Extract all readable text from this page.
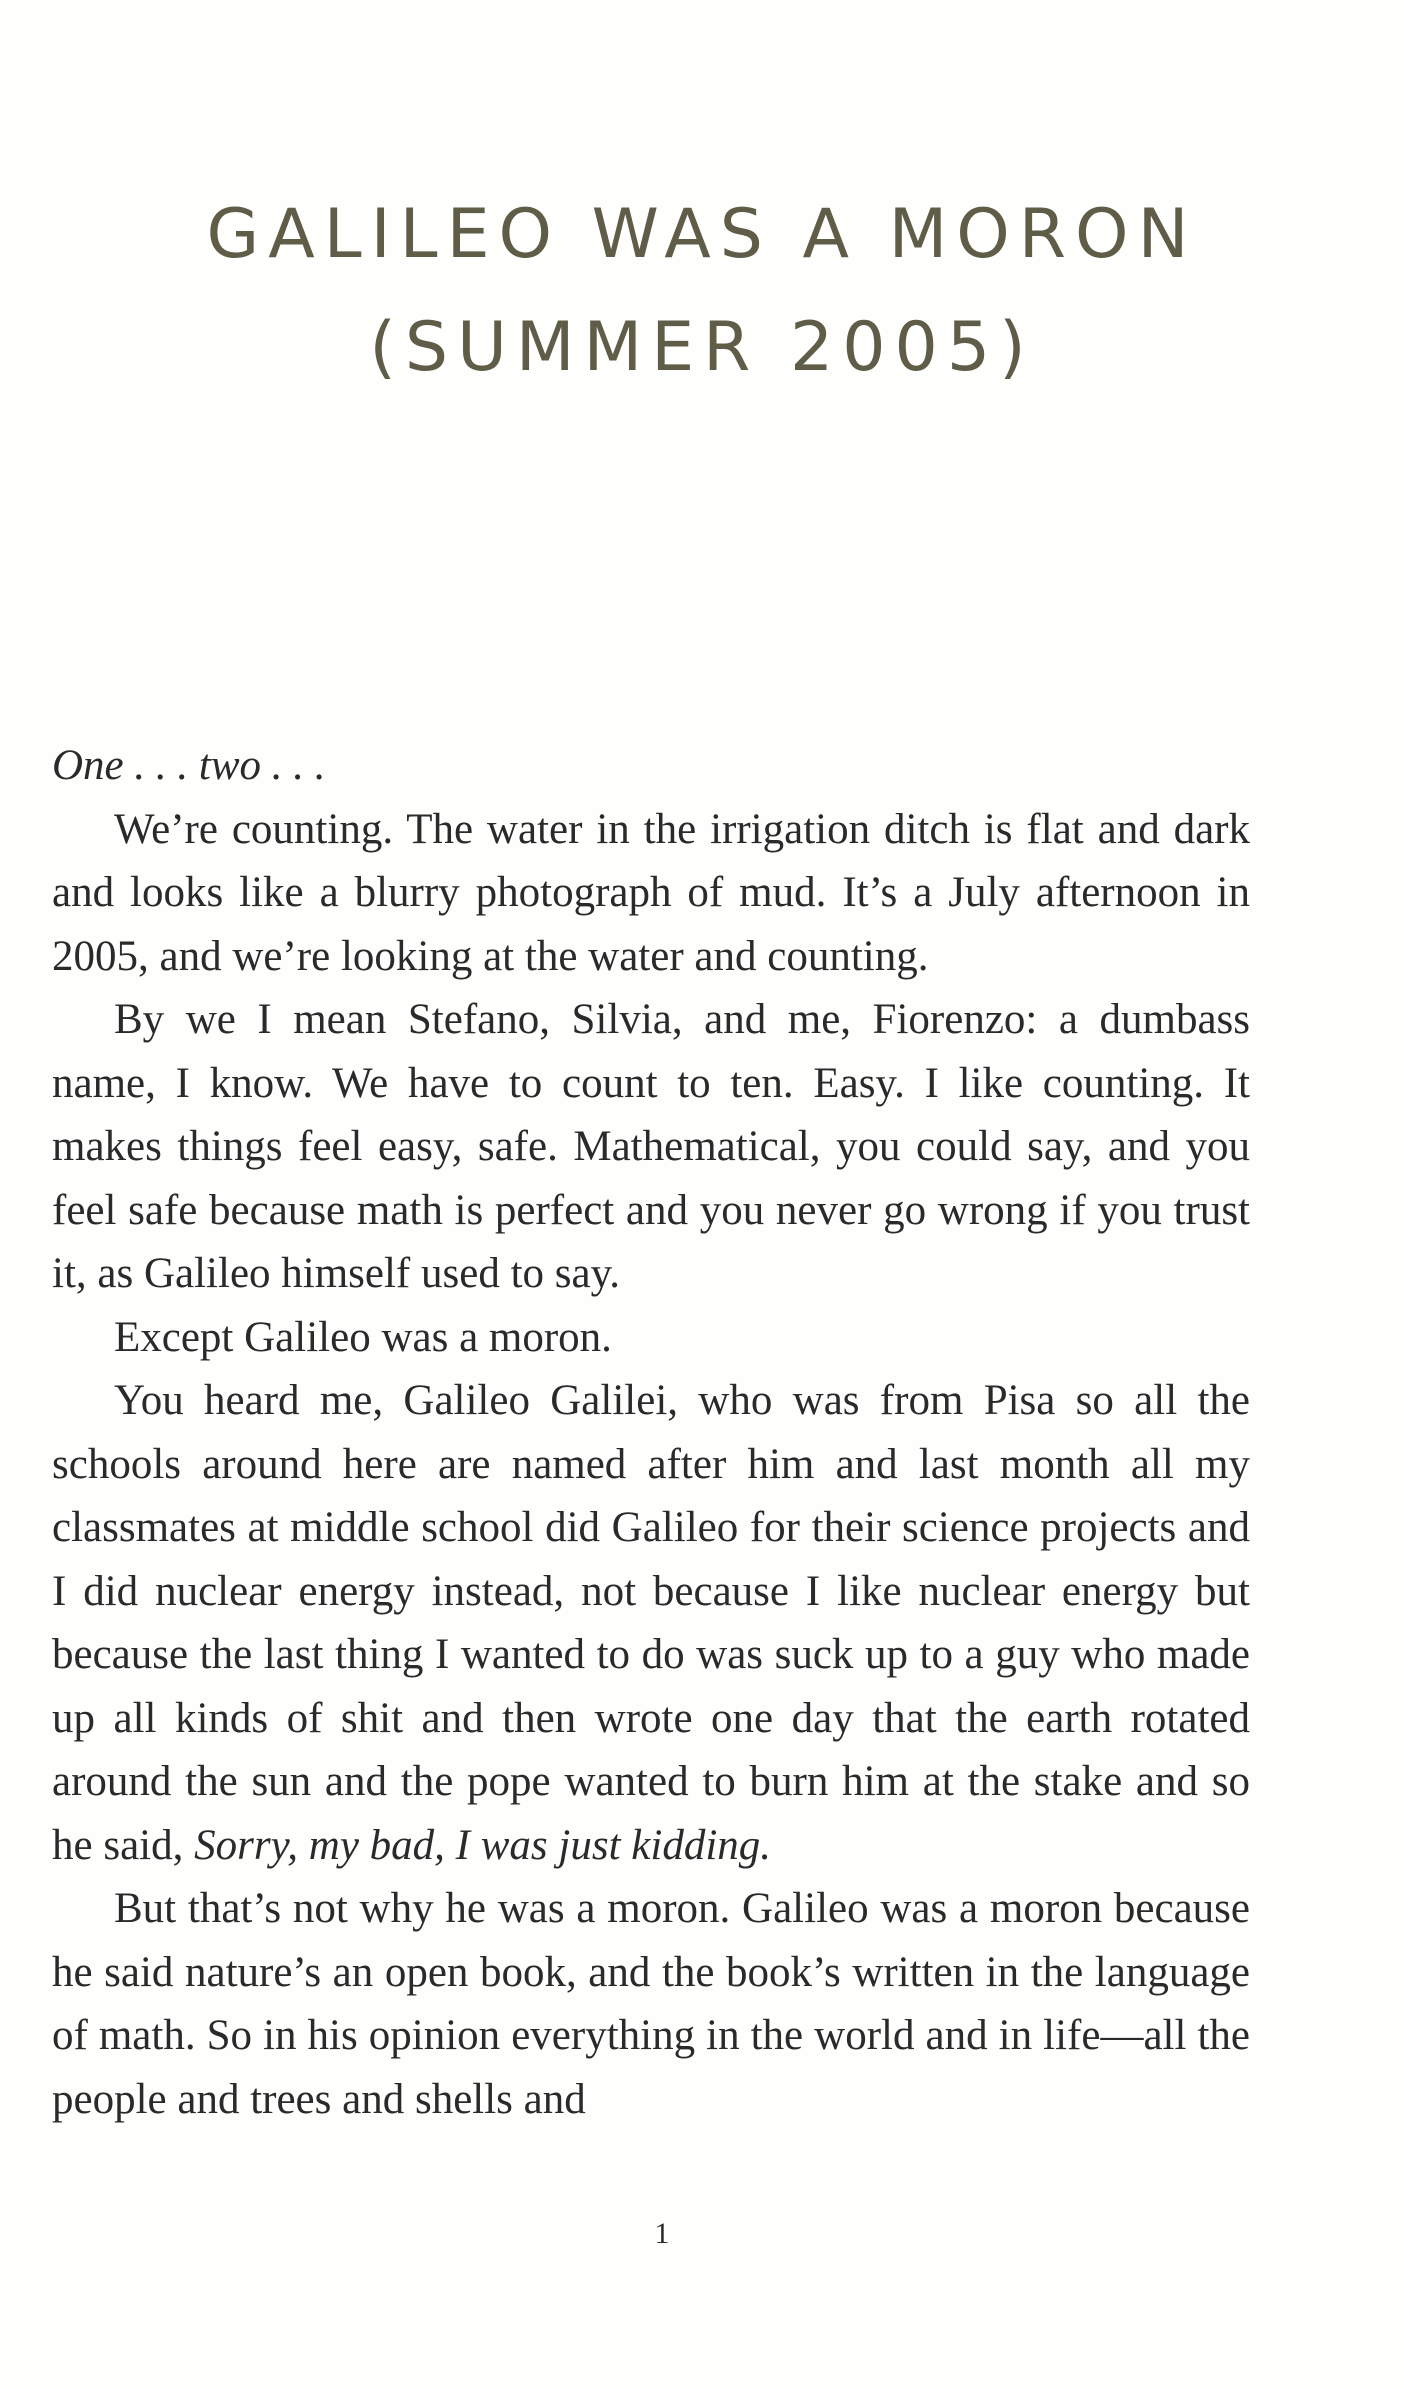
GALILEO WAS A MORON
(SUMMER 2005)

One . . . two . . .

We’re counting. The water in the irrigation ditch is flat and dark and looks like a blurry photograph of mud. It’s a July afternoon in 2005, and we’re looking at the water and counting.

By we I mean Stefano, Silvia, and me, Fiorenzo: a dumbass name, I know. We have to count to ten. Easy. I like counting. It makes things feel easy, safe. Mathematical, you could say, and you feel safe because math is perfect and you never go wrong if you trust it, as Galileo himself used to say.

Except Galileo was a moron.

You heard me, Galileo Galilei, who was from Pisa so all the schools around here are named after him and last month all my classmates at middle school did Galileo for their science projects and I did nuclear energy instead, not because I like nuclear energy but because the last thing I wanted to do was suck up to a guy who made up all kinds of shit and then wrote one day that the earth rotated around the sun and the pope wanted to burn him at the stake and so he said, Sorry, my bad, I was just kidding.

But that’s not why he was a moron. Galileo was a moron because he said nature’s an open book, and the book’s written in the language of math. So in his opinion everything in the world and in life—all the people and trees and shells and

1
